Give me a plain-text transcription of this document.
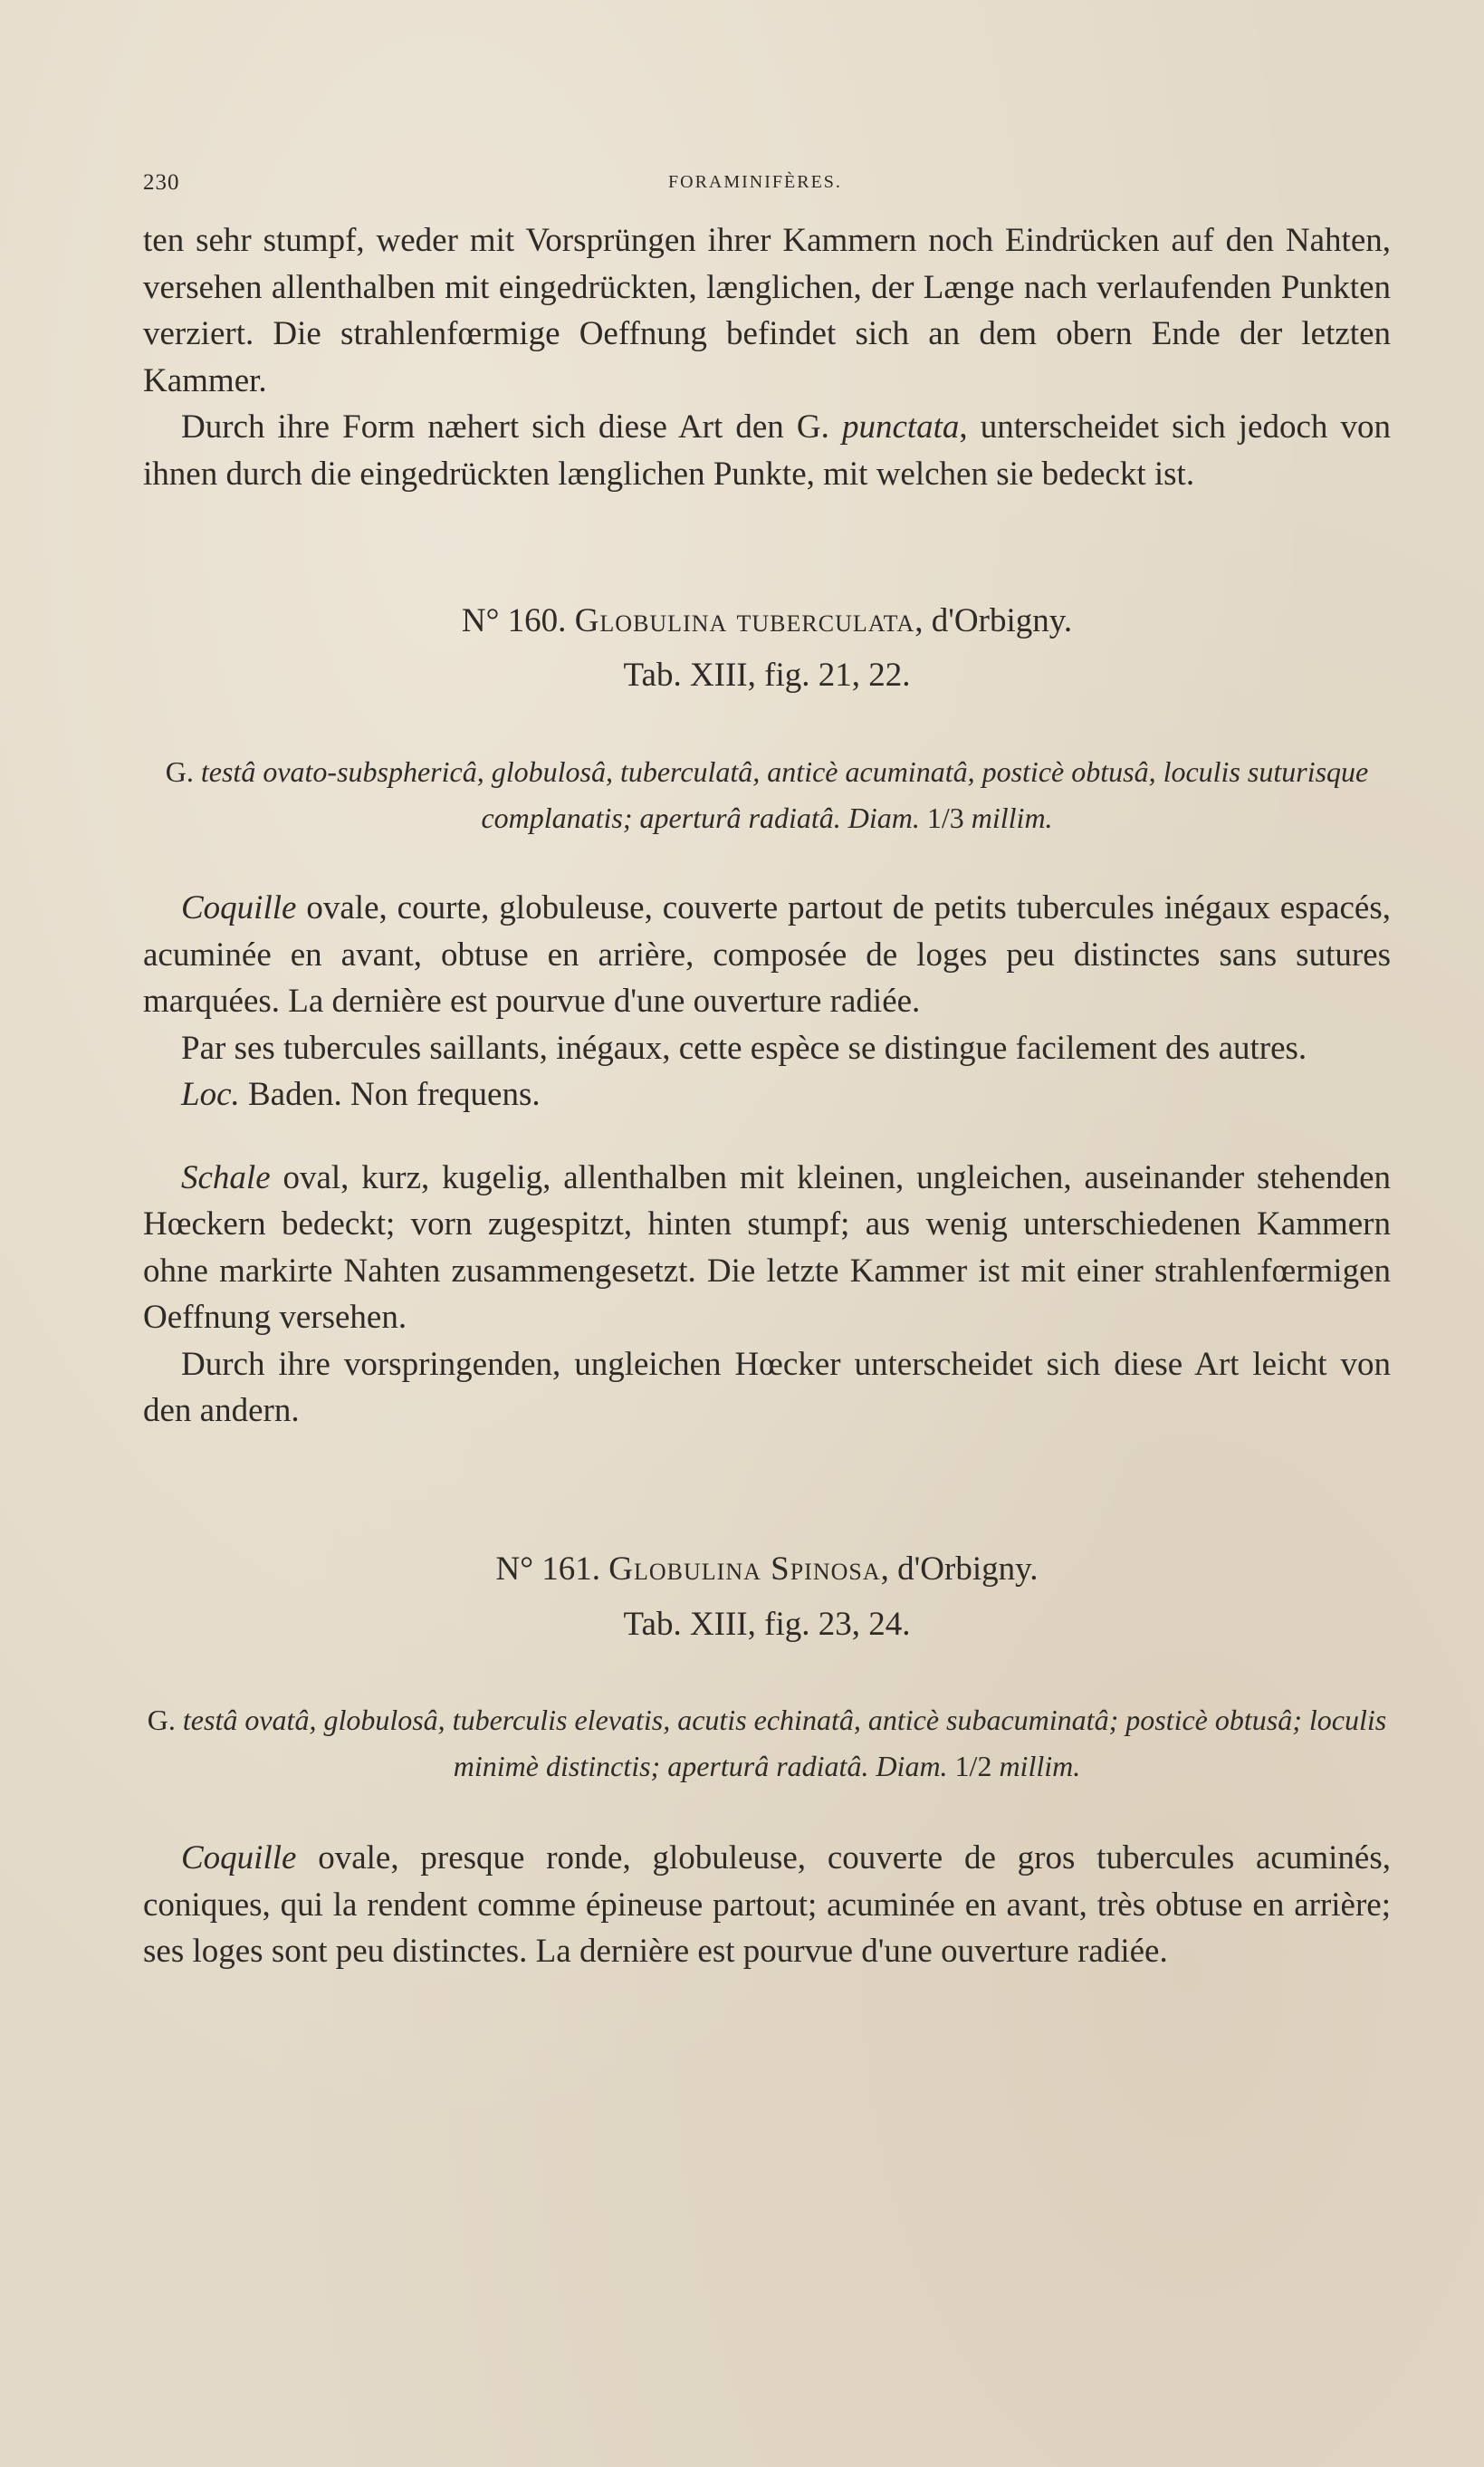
230	FORAMINIFÈRES.

ten sehr stumpf, weder mit Vorsprüngen ihrer Kammern noch Eindrücken auf den Nahten, versehen allenthalben mit eingedrückten, længlichen, der Længe nach verlaufenden Punkten verziert. Die strahlenfœrmige Oeffnung befindet sich an dem obern Ende der letzten Kammer.

Durch ihre Form næhert sich diese Art den G. punctata, unterscheidet sich jedoch von ihnen durch die eingedrückten længlichen Punkte, mit welchen sie bedeckt ist.

N° 160. Globulina tuberculata, d'Orbigny.

Tab. XIII, fig. 21, 22.

G. testâ ovato-subsphericâ, globulosâ, tuberculatâ, anticè acuminatâ, posticè obtusâ, loculis suturisque complanatis; aperturâ radiatâ. Diam. 1/3 millim.

Coquille ovale, courte, globuleuse, couverte partout de petits tubercules inégaux espacés, acuminée en avant, obtuse en arrière, composée de loges peu distinctes sans sutures marquées. La dernière est pourvue d'une ouverture radiée.

Par ses tubercules saillants, inégaux, cette espèce se distingue facilement des autres.

Loc. Baden. Non frequens.

Schale oval, kurz, kugelig, allenthalben mit kleinen, ungleichen, auseinander stehenden Hœckern bedeckt; vorn zugespitzt, hinten stumpf; aus wenig unterschiedenen Kammern ohne markirte Nahten zusammengesetzt. Die letzte Kammer ist mit einer strahlenfœrmigen Oeffnung versehen.

Durch ihre vorspringenden, ungleichen Hœcker unterscheidet sich diese Art leicht von den andern.

N° 161. Globulina Spinosa, d'Orbigny.

Tab. XIII, fig. 23, 24.

G. testâ ovatâ, globulosâ, tuberculis elevatis, acutis echinatâ, anticè subacuminatâ; posticè obtusâ; loculis minimè distinctis; aperturâ radiatâ. Diam. 1/2 millim.

Coquille ovale, presque ronde, globuleuse, couverte de gros tubercules acuminés, coniques, qui la rendent comme épineuse partout; acuminée en avant, très obtuse en arrière; ses loges sont peu distinctes. La dernière est pourvue d'une ouverture radiée.
